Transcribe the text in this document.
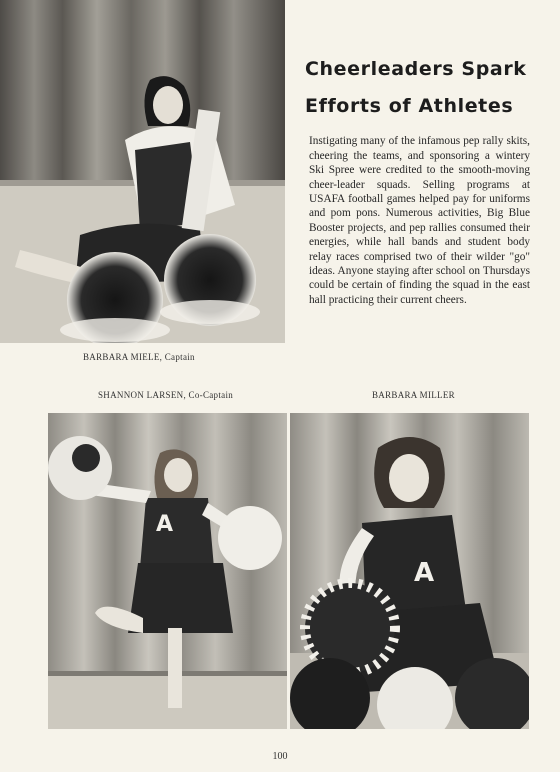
Cheerleaders Spark Efforts of Athletes

Instigating many of the infamous pep rally skits, cheering the teams, and sponsoring a wintery Ski Spree were credited to the smooth-moving cheer-leader squads. Selling programs at USAFA football games helped pay for uniforms and pom pons. Numerous activities, Big Blue Booster projects, and pep rallies consumed their energies, while hall bands and student body relay races comprised two of their wilder "go" ideas. Anyone staying after school on Thursdays could be certain of finding the squad in the east hall practicing their current cheers.

BARBARA MIELE, Captain
SHANNON LARSEN, Co-Captain	BARBARA MILLER
A
A
100
